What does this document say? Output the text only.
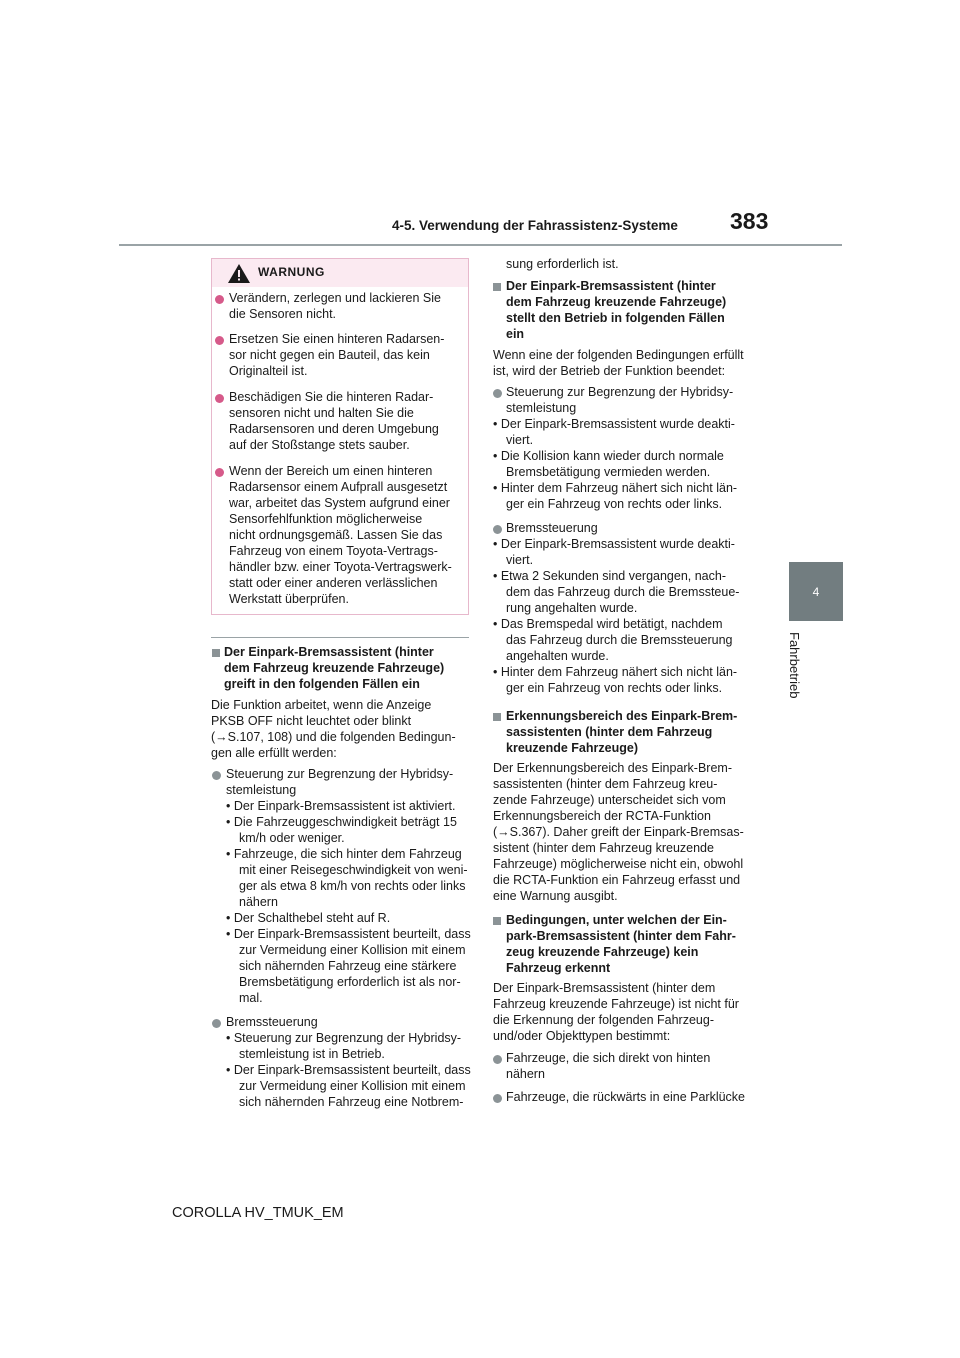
383
4-5. Verwendung der Fahrassistenz-Systeme
4
Fahrbetrieb
WARNUNG
Verändern, zerlegen und lackieren Sie
die Sensoren nicht.
Ersetzen Sie einen hinteren Radarsen-
sor nicht gegen ein Bauteil, das kein
Originalteil ist.
Beschädigen Sie die hinteren Radar-
sensoren nicht und halten Sie die
Radarsensoren und deren Umgebung
auf der Stoßstange stets sauber.
Wenn der Bereich um einen hinteren
Radarsensor einem Aufprall ausgesetzt
war, arbeitet das System aufgrund einer
Sensorfehlfunktion möglicherweise
nicht ordnungsgemäß. Lassen Sie das
Fahrzeug von einem Toyota-Vertrags-
händler bzw. einer Toyota-Vertragswerk-
statt oder einer anderen verlässlichen
Werkstatt überprüfen.
Der Einpark-Bremsassistent (hinter
dem Fahrzeug kreuzende Fahrzeuge)
greift in den folgenden Fällen ein
Die Funktion arbeitet, wenn die Anzeige
PKSB OFF nicht leuchtet oder blinkt
(→S.107, 108) und die folgenden Bedingun-
gen alle erfüllt werden:
Steuerung zur Begrenzung der Hybridsy-
stemleistung
• Der Einpark-Bremsassistent ist aktiviert.
• Die Fahrzeuggeschwindigkeit beträgt 15
km/h oder weniger.
• Fahrzeuge, die sich hinter dem Fahrzeug
mit einer Reisegeschwindigkeit von weni-
ger als etwa 8 km/h von rechts oder links
nähern
• Der Schalthebel steht auf R.
• Der Einpark-Bremsassistent beurteilt, dass
zur Vermeidung einer Kollision mit einem
sich nähernden Fahrzeug eine stärkere
Bremsbetätigung erforderlich ist als nor-
mal.
Bremssteuerung
• Steuerung zur Begrenzung der Hybridsy-
stemleistung ist in Betrieb.
• Der Einpark-Bremsassistent beurteilt, dass
zur Vermeidung einer Kollision mit einem
sich nähernden Fahrzeug eine Notbrem-
sung erforderlich ist.
Der Einpark-Bremsassistent (hinter
dem Fahrzeug kreuzende Fahrzeuge)
stellt den Betrieb in folgenden Fällen
ein
Wenn eine der folgenden Bedingungen erfüllt
ist, wird der Betrieb der Funktion beendet:
Steuerung zur Begrenzung der Hybridsy-
stemleistung
• Der Einpark-Bremsassistent wurde deakti-
viert.
• Die Kollision kann wieder durch normale
Bremsbetätigung vermieden werden.
• Hinter dem Fahrzeug nähert sich nicht län-
ger ein Fahrzeug von rechts oder links.
Bremssteuerung
• Der Einpark-Bremsassistent wurde deakti-
viert.
• Etwa 2 Sekunden sind vergangen, nach-
dem das Fahrzeug durch die Bremssteue-
rung angehalten wurde.
• Das Bremspedal wird betätigt, nachdem
das Fahrzeug durch die Bremssteuerung
angehalten wurde.
• Hinter dem Fahrzeug nähert sich nicht län-
ger ein Fahrzeug von rechts oder links.
Erkennungsbereich des Einpark-Brem-
sassistenten (hinter dem Fahrzeug
kreuzende Fahrzeuge)
Der Erkennungsbereich des Einpark-Brem-
sassistenten (hinter dem Fahrzeug kreu-
zende Fahrzeuge) unterscheidet sich vom
Erkennungsbereich der RCTA-Funktion
(→S.367). Daher greift der Einpark-Bremsas-
sistent (hinter dem Fahrzeug kreuzende
Fahrzeuge) möglicherweise nicht ein, obwohl
die RCTA-Funktion ein Fahrzeug erfasst und
eine Warnung ausgibt.
Bedingungen, unter welchen der Ein-
park-Bremsassistent (hinter dem Fahr-
zeug kreuzende Fahrzeuge) kein
Fahrzeug erkennt
Der Einpark-Bremsassistent (hinter dem
Fahrzeug kreuzende Fahrzeuge) ist nicht für
die Erkennung der folgenden Fahrzeug-
und/oder Objekttypen bestimmt:
Fahrzeuge, die sich direkt von hinten
nähern
Fahrzeuge, die rückwärts in eine Parklücke
COROLLA HV_TMUK_EM
